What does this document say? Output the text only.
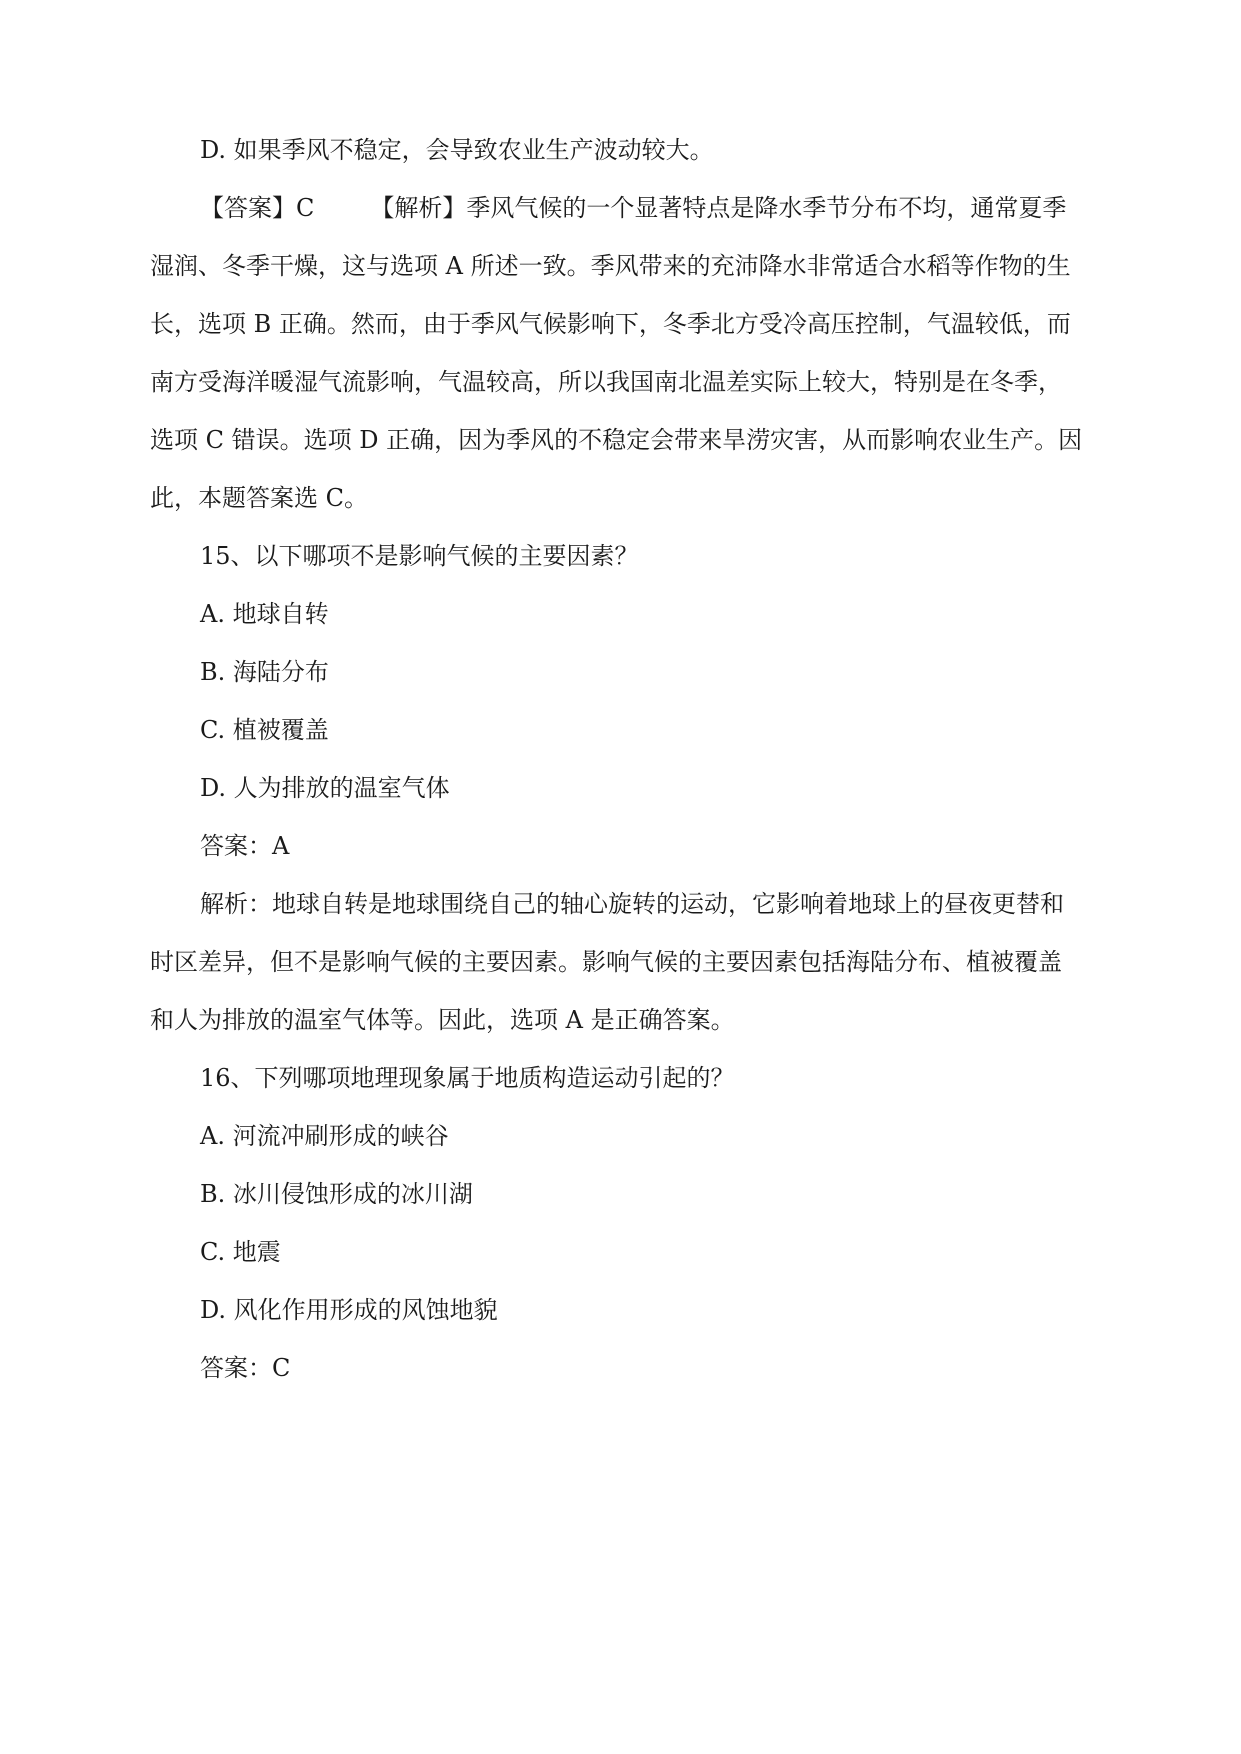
D. 如果季风不稳定，会导致农业生产波动较大。
【答案】C 【解析】季风气候的一个显著特点是降水季节分布不均，通常夏季
湿润、冬季干燥，这与选项 A 所述一致。季风带来的充沛降水非常适合水稻等作物的生
长，选项 B 正确。然而，由于季风气候影响下，冬季北方受冷高压控制，气温较低，而
南方受海洋暖湿气流影响，气温较高，所以我国南北温差实际上较大，特别是在冬季，
选项 C 错误。选项 D 正确，因为季风的不稳定会带来旱涝灾害，从而影响农业生产。因
此，本题答案选 C。
15、以下哪项不是影响气候的主要因素？
A. 地球自转
B. 海陆分布
C. 植被覆盖
D. 人为排放的温室气体
答案：A
解析：地球自转是地球围绕自己的轴心旋转的运动，它影响着地球上的昼夜更替和
时区差异，但不是影响气候的主要因素。影响气候的主要因素包括海陆分布、植被覆盖
和人为排放的温室气体等。因此，选项 A 是正确答案。
16、下列哪项地理现象属于地质构造运动引起的？
A. 河流冲刷形成的峡谷
B. 冰川侵蚀形成的冰川湖
C. 地震
D. 风化作用形成的风蚀地貌
答案：C
